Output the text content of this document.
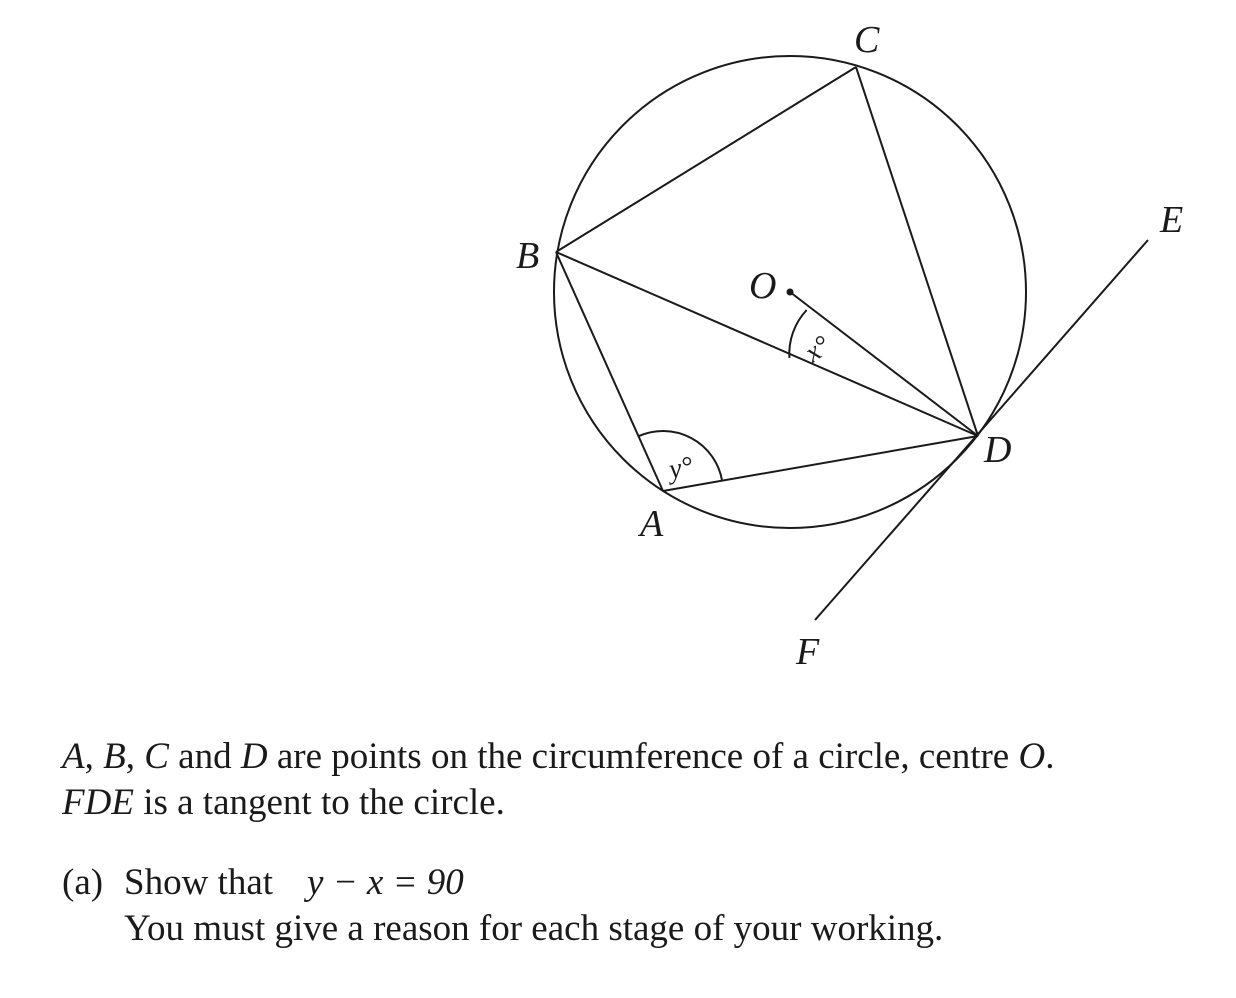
C
B
O
E
D
A
F
x°
y°
A, B, C and D are points on the circumference of a circle, centre O.
FDE is a tangent to the circle.
(a) Show that y − x = 90
You must give a reason for each stage of your working.
